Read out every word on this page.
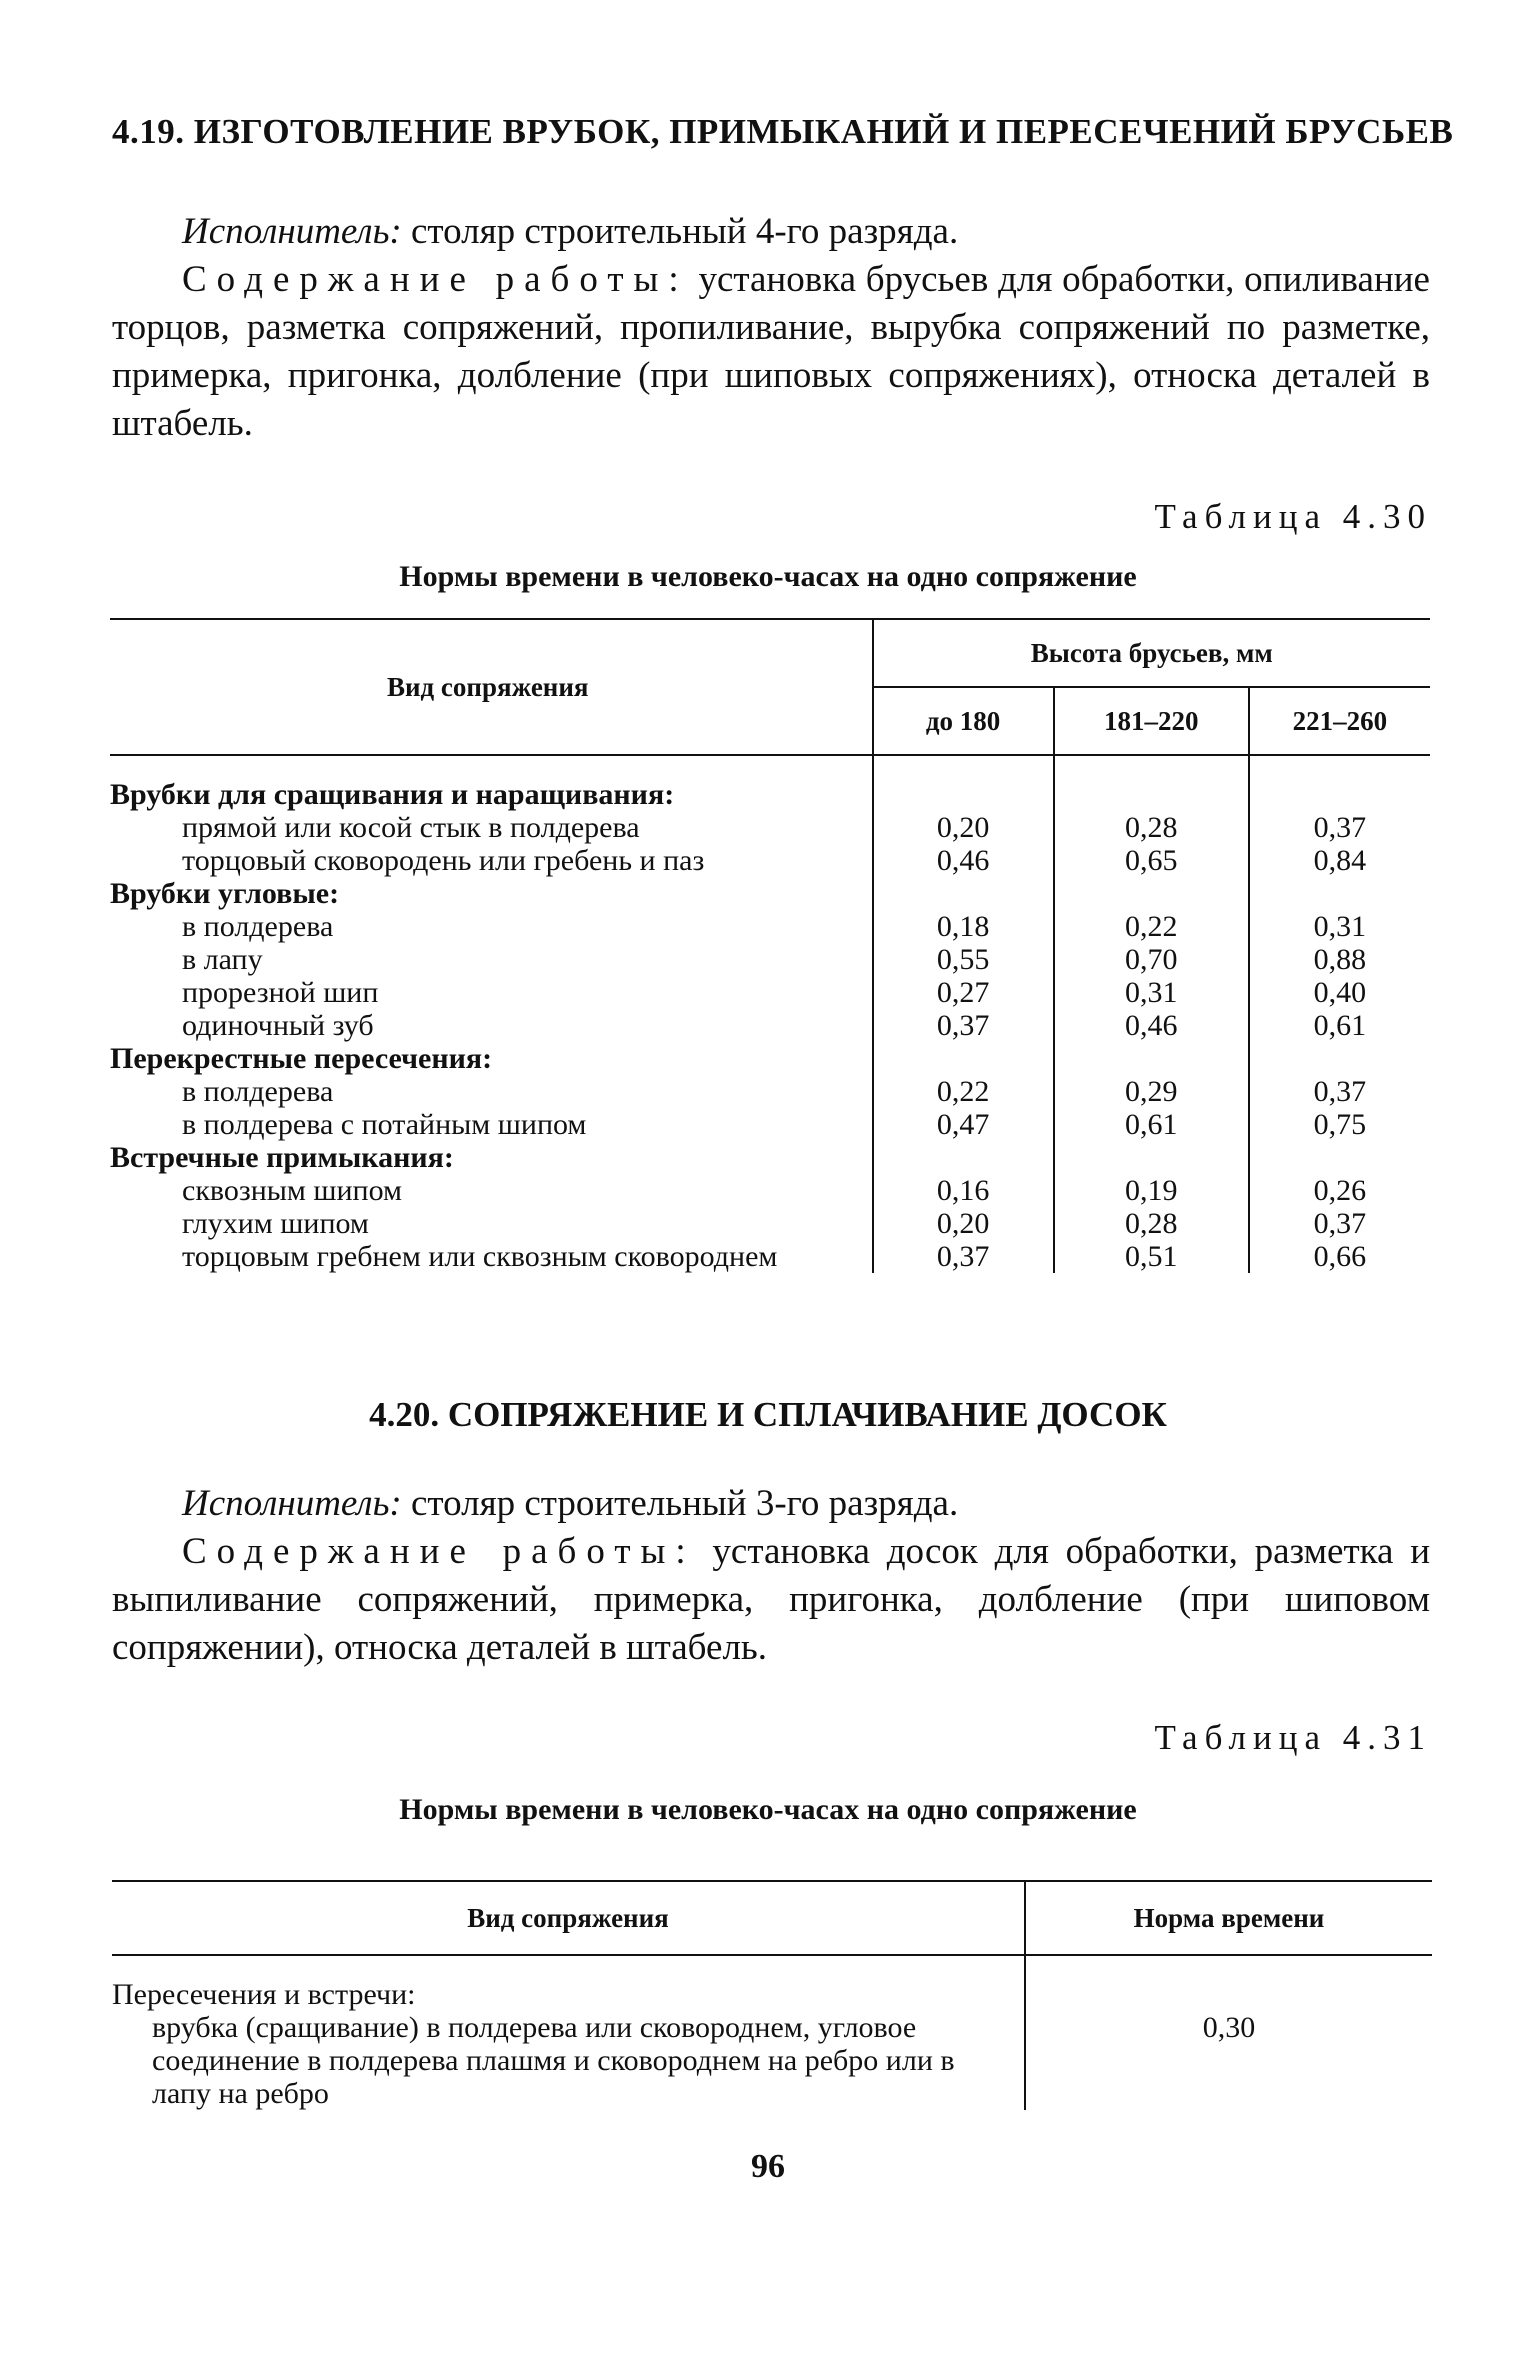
4.19. ИЗГОТОВЛЕНИЕ ВРУБОК, ПРИМЫКАНИЙ И ПЕРЕСЕЧЕНИЙ БРУСЬЕВ

Исполнитель: столяр строительный 4-го разряда.

Содержание работы: установка брусьев для обработки, опиливание торцов, разметка сопряжений, пропиливание, вырубка сопряжений по разметке, примерка, пригонка, долбление (при шиповых сопряжениях), относка деталей в штабель.

Таблица 4.30
Нормы времени в человеко-часах на одно сопряжение
Вид сопряжения	Высота брусьев, мм		
	до 180	181–220	221–260

Врубки для сращивания и наращивания:			
прямой или косой стык в полдерева	0,20	0,28	0,37
торцовый сковородень или гребень и паз	0,46	0,65	0,84
Врубки угловые:			
в полдерева	0,18	0,22	0,31
в лапу	0,55	0,70	0,88
прорезной шип	0,27	0,31	0,40
одиночный зуб	0,37	0,46	0,61
Перекрестные пересечения:			
в полдерева	0,22	0,29	0,37
в полдерева с потайным шипом	0,47	0,61	0,75
Встречные примыкания:			
сквозным шипом	0,16	0,19	0,26
глухим шипом	0,20	0,28	0,37

торцовым гребнем или сквозным сковороднем	0,37	0,51	0,66
4.20. СОПРЯЖЕНИЕ И СПЛАЧИВАНИЕ ДОСОК

Исполнитель: столяр строительный 3-го разряда.

Содержание работы: установка досок для обработки, разметка и выпиливание сопряжений, примерка, пригонка, долбление (при шиповом сопряжении), относка деталей в штабель.

Таблица 4.31
Нормы времени в человеко-часах на одно сопряжение
Вид сопряжения	Норма времени

Пересечения и встречи:	
врубка (сращивание) в полдерева или сковороднем, угловое соединение в полдерева плашмя и сковороднем на ребро или в лапу на ребро	0,30
96
